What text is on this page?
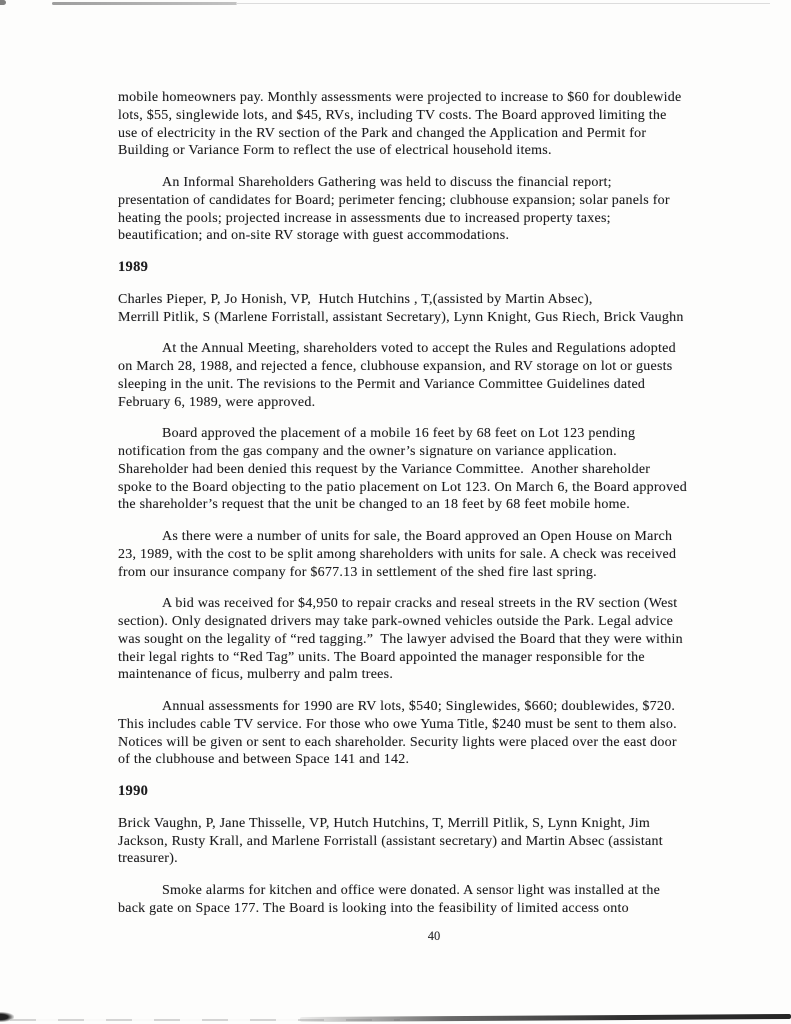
mobile homeowners pay. Monthly assessments were projected to increase to $60 for doublewide
lots, $55, singlewide lots, and $45, RVs, including TV costs. The Board approved limiting the
use of electricity in the RV section of the Park and changed the Application and Permit for
Building or Variance Form to reflect the use of electrical household items.

An Informal Shareholders Gathering was held to discuss the financial report;
presentation of candidates for Board; perimeter fencing; clubhouse expansion; solar panels for
heating the pools; projected increase in assessments due to increased property taxes;
beautification; and on-site RV storage with guest accommodations.

1989

Charles Pieper, P, Jo Honish, VP,  Hutch Hutchins , T,(assisted by Martin Absec),
Merrill Pitlik, S (Marlene Forristall, assistant Secretary), Lynn Knight, Gus Riech, Brick Vaughn

At the Annual Meeting, shareholders voted to accept the Rules and Regulations adopted
on March 28, 1988, and rejected a fence, clubhouse expansion, and RV storage on lot or guests
sleeping in the unit. The revisions to the Permit and Variance Committee Guidelines dated
February 6, 1989, were approved.

Board approved the placement of a mobile 16 feet by 68 feet on Lot 123 pending
notification from the gas company and the owner’s signature on variance application.
Shareholder had been denied this request by the Variance Committee.  Another shareholder
spoke to the Board objecting to the patio placement on Lot 123. On March 6, the Board approved
the shareholder’s request that the unit be changed to an 18 feet by 68 feet mobile home.

As there were a number of units for sale, the Board approved an Open House on March
23, 1989, with the cost to be split among shareholders with units for sale. A check was received
from our insurance company for $677.13 in settlement of the shed fire last spring.

A bid was received for $4,950 to repair cracks and reseal streets in the RV section (West
section). Only designated drivers may take park-owned vehicles outside the Park. Legal advice
was sought on the legality of “red tagging.”  The lawyer advised the Board that they were within
their legal rights to “Red Tag” units. The Board appointed the manager responsible for the
maintenance of ficus, mulberry and palm trees.

Annual assessments for 1990 are RV lots, $540; Singlewides, $660; doublewides, $720.
This includes cable TV service. For those who owe Yuma Title, $240 must be sent to them also.
Notices will be given or sent to each shareholder. Security lights were placed over the east door
of the clubhouse and between Space 141 and 142.

1990

Brick Vaughn, P, Jane Thisselle, VP, Hutch Hutchins, T, Merrill Pitlik, S, Lynn Knight, Jim
Jackson, Rusty Krall, and Marlene Forristall (assistant secretary) and Martin Absec (assistant
treasurer).

Smoke alarms for kitchen and office were donated. A sensor light was installed at the
back gate on Space 177. The Board is looking into the feasibility of limited access onto

40
